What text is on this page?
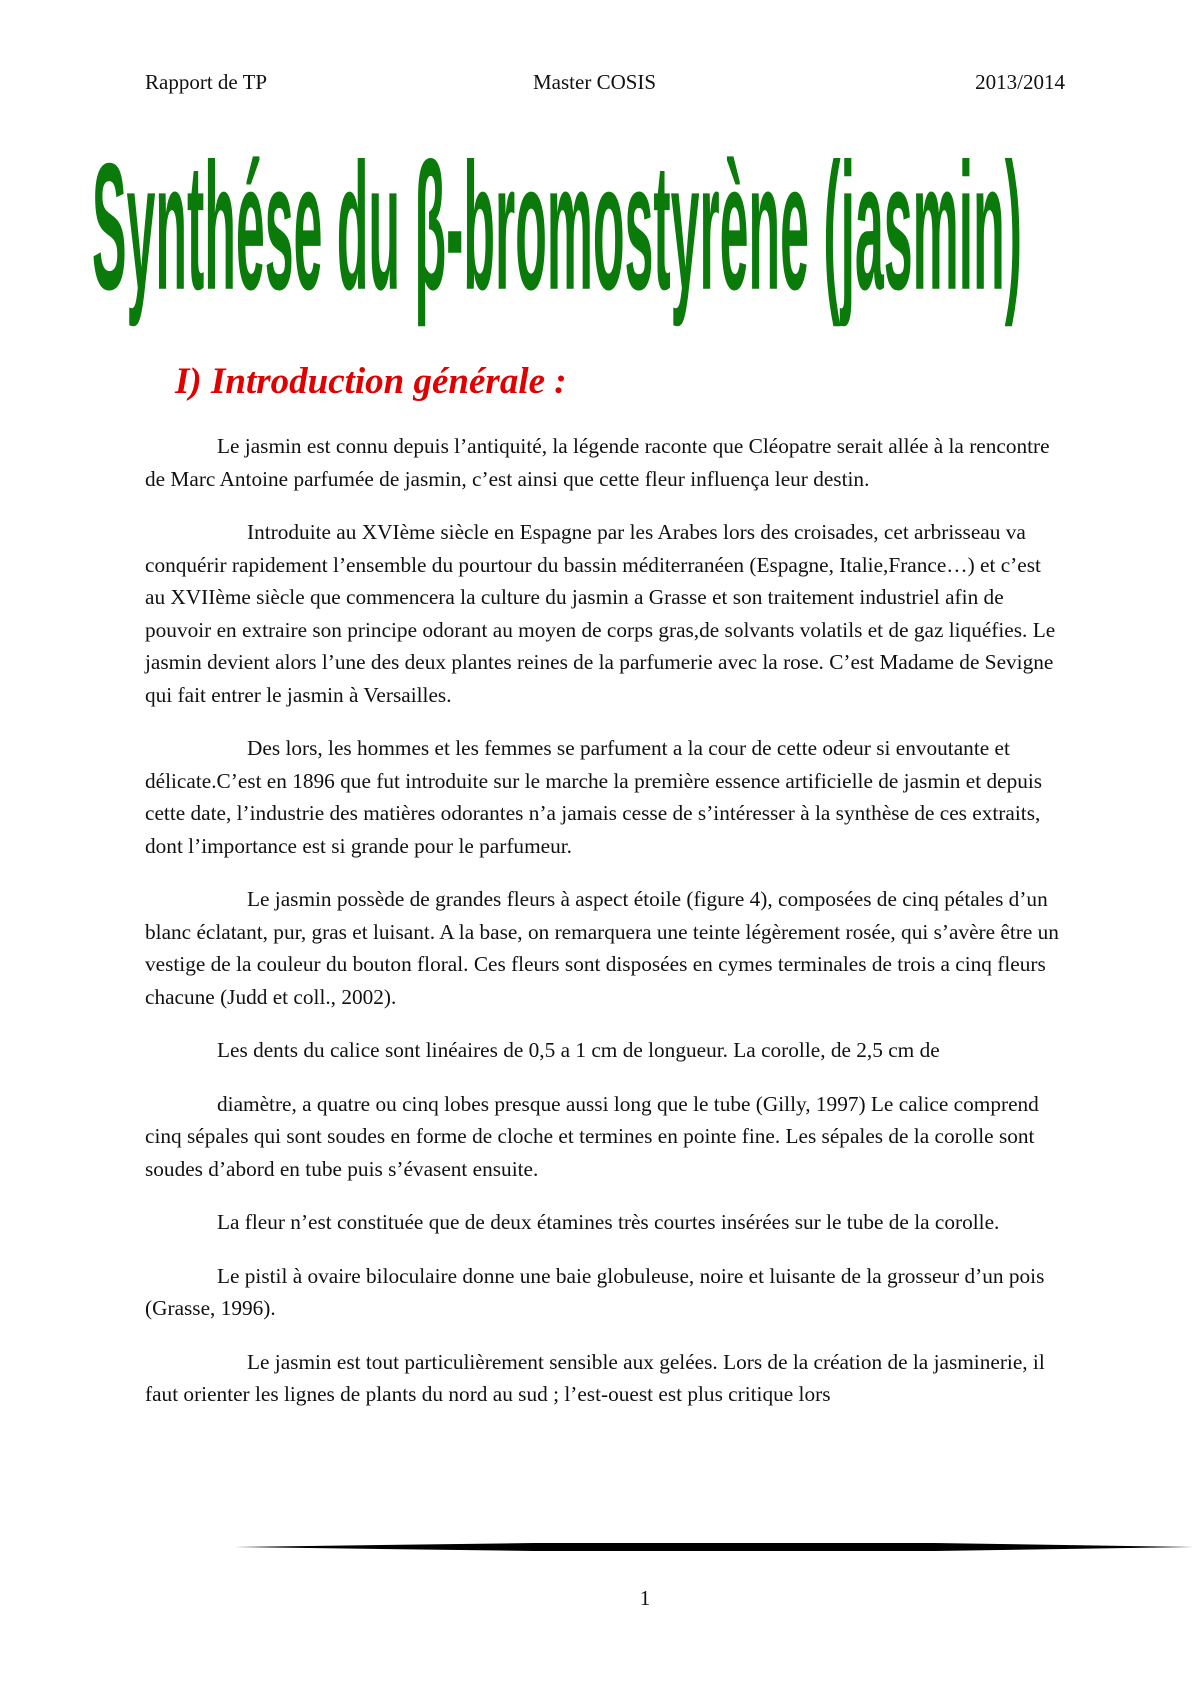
Rapport de TP	Master COSIS	2013/2014
Synthése du β-bromostyrène (jasmin)
I) Introduction générale :

Le jasmin est connu depuis l’antiquité, la légende raconte que Cléopatre serait allée à la rencontre de Marc Antoine parfumée de jasmin, c’est ainsi que cette fleur influença leur destin.

Introduite au XVIème siècle en Espagne par les Arabes lors des croisades, cet arbrisseau va conquérir rapidement l’ensemble du pourtour du bassin méditerranéen (Espagne, Italie,France…) et c’est au XVIIème siècle que commencera la culture du jasmin a Grasse et son traitement industriel afin de pouvoir en extraire son principe odorant au moyen de corps gras,de solvants volatils et de gaz liquéfies. Le jasmin devient alors l’une des deux plantes reines de la parfumerie avec la rose. C’est Madame de Sevigne qui fait entrer le jasmin à Versailles.

Des lors, les hommes et les femmes se parfument a la cour de cette odeur si envoutante et délicate.C’est en 1896 que fut introduite sur le marche la première essence artificielle de jasmin et depuis cette date, l’industrie des matières odorantes n’a jamais cesse de s’intéresser à la synthèse de ces extraits, dont l’importance est si grande pour le parfumeur.

Le jasmin possède de grandes fleurs à aspect étoile (figure 4), composées de cinq pétales d’un blanc éclatant, pur, gras et luisant. A la base, on remarquera une teinte légèrement rosée, qui s’avère être un vestige de la couleur du bouton floral. Ces fleurs sont disposées en cymes terminales de trois a cinq fleurs chacune (Judd et coll., 2002).

Les dents du calice sont linéaires de 0,5 a 1 cm de longueur. La corolle, de 2,5 cm de

diamètre, a quatre ou cinq lobes presque aussi long que le tube (Gilly, 1997) Le calice comprend cinq sépales qui sont soudes en forme de cloche et termines en pointe fine. Les sépales de la corolle sont soudes d’abord en tube puis s’évasent ensuite.

La fleur n’est constituée que de deux étamines très courtes insérées sur le tube de la corolle.

Le pistil à ovaire biloculaire donne une baie globuleuse, noire et luisante de la grosseur d’un pois (Grasse, 1996).

Le jasmin est tout particulièrement sensible aux gelées. Lors de la création de la jasminerie, il faut orienter les lignes de plants du nord au sud ; l’est-ouest est plus critique lors

1
